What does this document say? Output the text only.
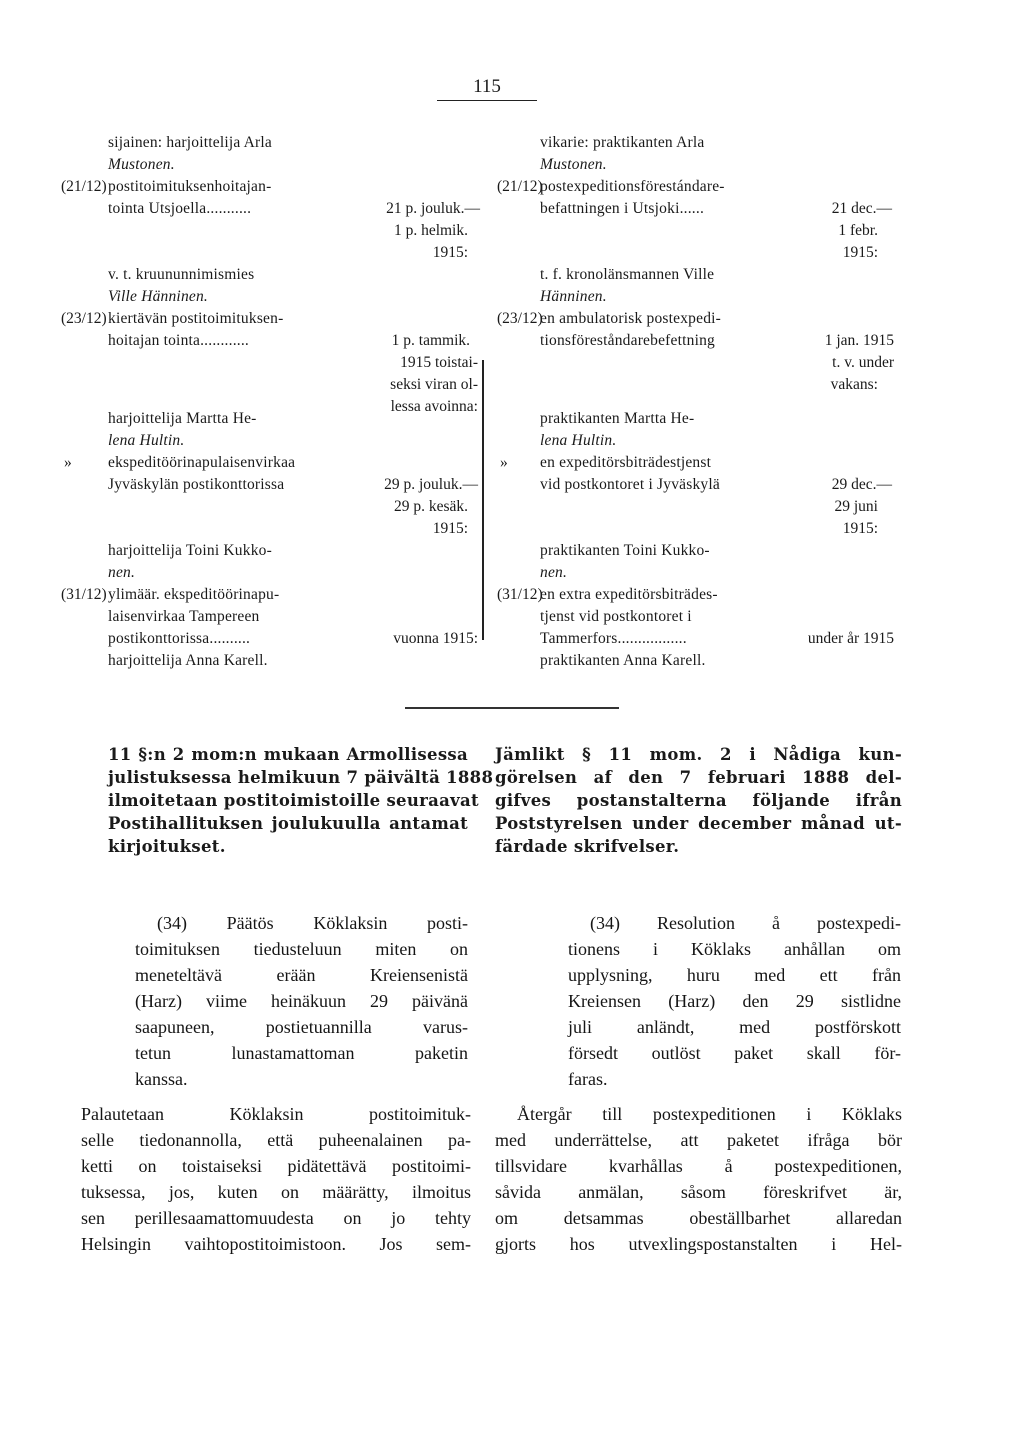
115
(21/12)
(23/12)
»
(31/12)
sijainen: harjoittelija Arla
Mustonen.
postitoimituksenhoitajan-
tointa Utsjoella...........
v. t. kruununnimismies
Ville Hänninen.
kiertävän postitoimituksen-
hoitajan tointa............
harjoittelija Martta He-
lena Hultin.
ekspeditöörinapulaisenvirkaa
Jyväskylän postikonttorissa
harjoittelija Toini Kukko-
nen.
ylimäär. ekspeditöörinapu-
laisenvirkaa Tampereen
postikonttorissa..........
harjoittelija Anna Karell.
21 p. jouluk.—
1 p. helmik.
1915:
1 p. tammik.
1915 toistai-
seksi viran ol-
lessa avoinna:
29 p. jouluk.—
29 p. kesäk.
1915:
vuonna 1915:
(21/12)
(23/12)
»
(31/12)
vikarie: praktikanten Arla
Mustonen.
postexpeditionsförestándare-
befattningen i Utsjoki......
t. f. kronolänsmannen Ville
Hänninen.
en ambulatorisk postexpedi-
tionsföreståndarebefettning
praktikanten Martta He-
lena Hultin.
en expeditörsbiträdestjenst
vid postkontoret i Jyväskylä
praktikanten Toini Kukko-
nen.
en extra expeditörsbiträdes-
tjenst vid postkontoret i
Tammerfors.................
praktikanten Anna Karell.
21 dec.—
1 febr.
1915:
1 jan. 1915
t. v. under
vakans:
29 dec.—
29 juni
1915:
under år 1915
11 §:n 2 mom:n mukaan Armollisessa
julistuksessa helmikuun 7 päivältä 1888
ilmoitetaan postitoimistoille seuraavat
Postihallituksen joulukuulla antamat
kirjoitukset.
Jämlikt § 11 mom. 2 i Nådiga kun-
görelsen af den 7 februari 1888 del-
gifves postanstalterna följande ifrån
Poststyrelsen under december månad ut-
färdade skrifvelser.
(34) Päätös Köklaksin posti-
toimituksen tiedusteluun miten on
meneteltävä erään Kreiensenistä
(Harz) viime heinäkuun 29 päivänä
saapuneen, postietuannilla varus-
tetun lunastamattoman paketin
kanssa.
Palautetaan Köklaksin postitoimituk-
selle tiedonannolla, että puheenalainen pa-
ketti on toistaiseksi pidätettävä postitoimi-
tuksessa, jos, kuten on määrätty, ilmoitus
sen perillesaamattomuudesta on jo tehty
Helsingin vaihtopostitoimistoon. Jos sem-
(34) Resolution å postexpedi-
tionens i Köklaks anhållan om
upplysning, huru med ett från
Kreiensen (Harz) den 29 sistlidne
juli anländt, med postförskott
försedt outlöst paket skall för-
faras.
Återgår till postexpeditionen i Köklaks
med underrättelse, att paketet ifråga bör
tillsvidare kvarhållas å postexpeditionen,
såvida anmälan, såsom föreskrifvet är,
om detsammas obeställbarhet allaredan
gjorts hos utvexlingspostanstalten i Hel-
